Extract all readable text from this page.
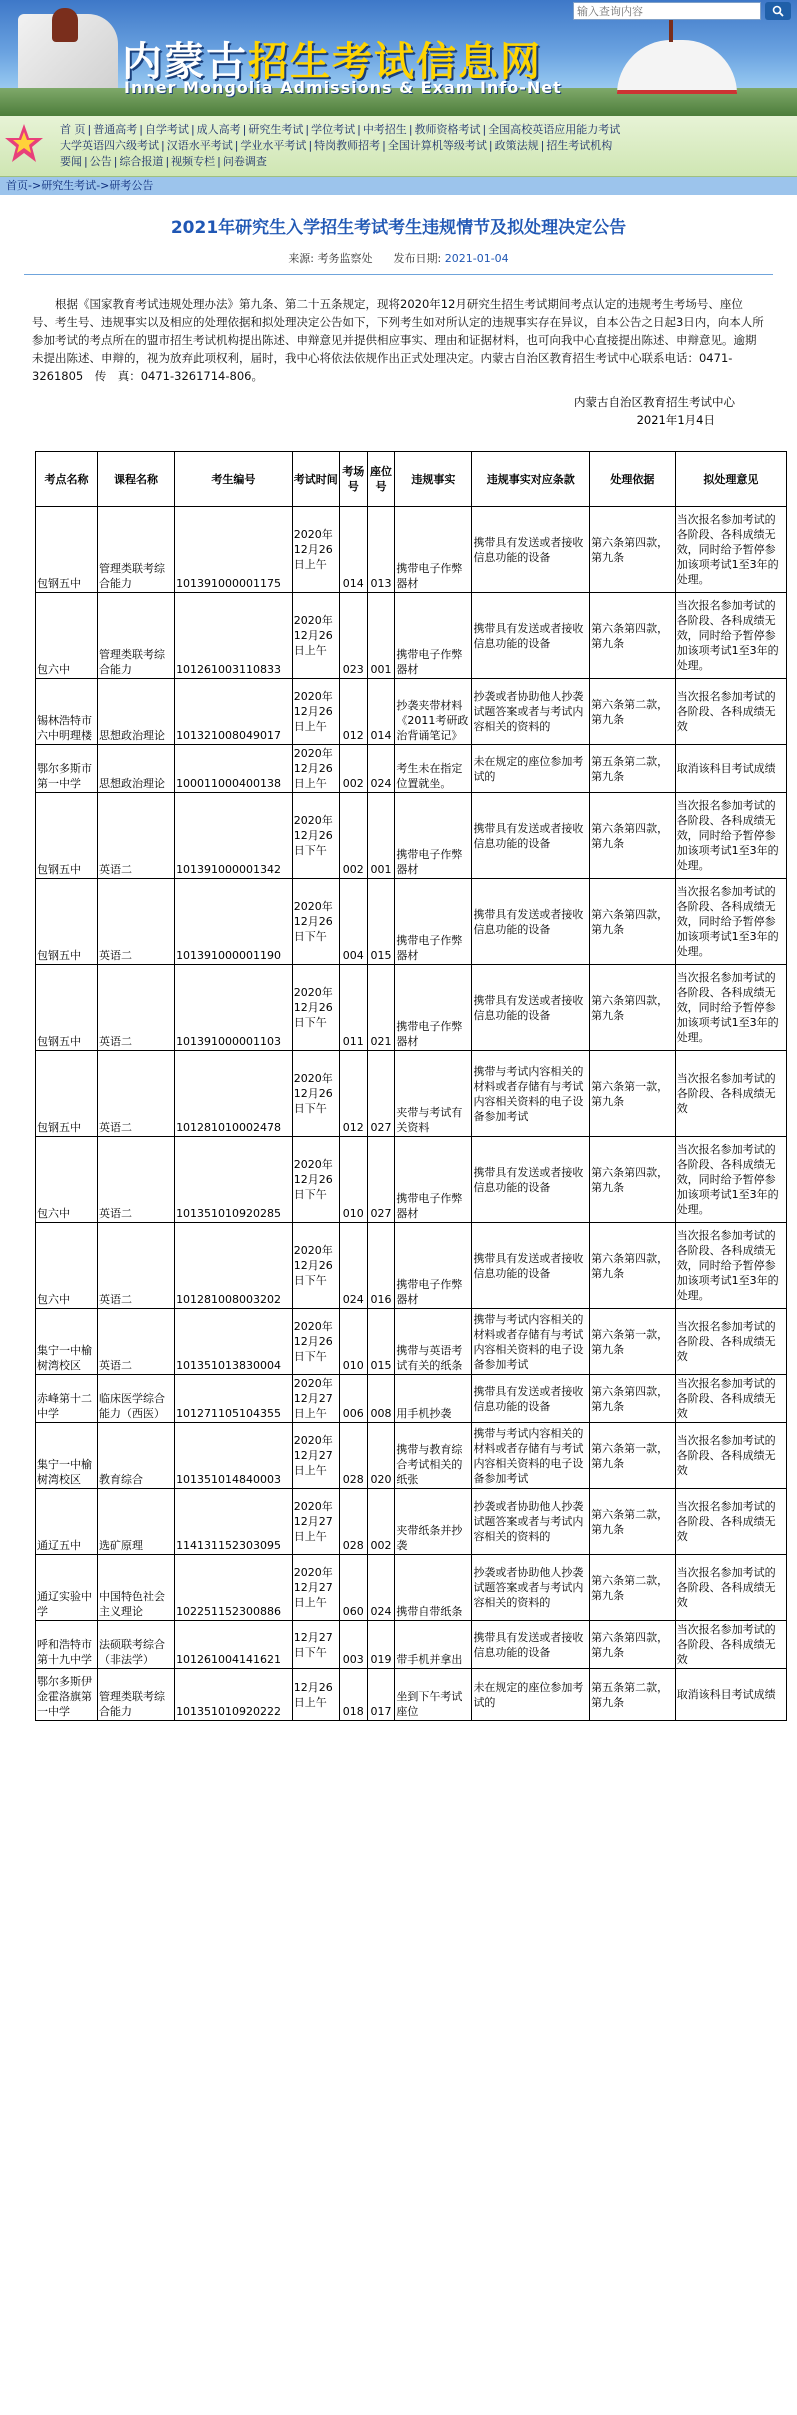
内蒙古招生考试信息网
Inner Mongolia Admissions & Exam Info-Net
输入查询内容
首 页 | 普通高考 | 自学考试 | 成人高考 | 研究生考试 | 学位考试 | 中考招生 | 教师资格考试 | 全国高校英语应用能力考试
大学英语四六级考试 | 汉语水平考试 | 学业水平考试 | 特岗教师招考 | 全国计算机等级考试 | 政策法规 | 招生考试机构
要闻 | 公告 | 综合报道 | 视频专栏 | 问卷调查
首页->研究生考试->研考公告
2021年研究生入学招生考试考生违规情节及拟处理决定公告
来源: 考务监察处 发布日期: 2021-01-04
根据《国家教育考试违规处理办法》第九条、第二十五条规定，现将2020年12月研究生招生考试期间考点认定的违规考生考场号、座位号、考生号、违规事实以及相应的处理依据和拟处理决定公告如下，下列考生如对所认定的违规事实存在异议，自本公告之日起3日内，向本人所参加考试的考点所在的盟市招生考试机构提出陈述、申辩意见并提供相应事实、理由和证据材料，也可向我中心直接提出陈述、申辩意见。逾期未提出陈述、申辩的，视为放弃此项权利，届时，我中心将依法依规作出正式处理决定。内蒙古自治区教育招生考试中心联系电话：0471-3261805　传　真：0471-3261714-806。
内蒙古自治区教育招生考试中心
2021年1月4日
考点名称	课程名称	考生编号	考试时间	考场号	座位号	违规事实	违规事实对应条款	处理依据	拟处理意见
包钢五中	管理类联考综合能力	101391000001175	2020年12月26日上午	014	013	携带电子作弊器材	携带具有发送或者接收信息功能的设备	第六条第四款，第九条	当次报名参加考试的各阶段、各科成绩无效，同时给予暂停参加该项考试1至3年的处理。
包六中	管理类联考综合能力	101261003110833	2020年12月26日上午	023	001	携带电子作弊器材	携带具有发送或者接收信息功能的设备	第六条第四款，第九条	当次报名参加考试的各阶段、各科成绩无效，同时给予暂停参加该项考试1至3年的处理。
锡林浩特市六中明理楼	思想政治理论	101321008049017	2020年12月26日上午	012	014	抄袭夹带材料《2011考研政治背诵笔记》	抄袭或者协助他人抄袭试题答案或者与考试内容相关的资料的	第六条第二款，第九条	当次报名参加考试的各阶段、各科成绩无效
鄂尔多斯市第一中学	思想政治理论	100011000400138	2020年12月26日上午	002	024	考生未在指定位置就坐。	未在规定的座位参加考试的	第五条第二款，第九条	取消该科目考试成绩
包钢五中	英语二	101391000001342	2020年12月26日下午	002	001	携带电子作弊器材	携带具有发送或者接收信息功能的设备	第六条第四款，第九条	当次报名参加考试的各阶段、各科成绩无效，同时给予暂停参加该项考试1至3年的处理。
包钢五中	英语二	101391000001190	2020年12月26日下午	004	015	携带电子作弊器材	携带具有发送或者接收信息功能的设备	第六条第四款，第九条	当次报名参加考试的各阶段、各科成绩无效，同时给予暂停参加该项考试1至3年的处理。
包钢五中	英语二	101391000001103	2020年12月26日下午	011	021	携带电子作弊器材	携带具有发送或者接收信息功能的设备	第六条第四款，第九条	当次报名参加考试的各阶段、各科成绩无效，同时给予暂停参加该项考试1至3年的处理。
包钢五中	英语二	101281010002478	2020年12月26日下午	012	027	夹带与考试有关资料	携带与考试内容相关的材料或者存储有与考试内容相关资料的电子设备参加考试	第六条第一款，第九条	当次报名参加考试的各阶段、各科成绩无效
包六中	英语二	101351010920285	2020年12月26日下午	010	027	携带电子作弊器材	携带具有发送或者接收信息功能的设备	第六条第四款，第九条	当次报名参加考试的各阶段、各科成绩无效，同时给予暂停参加该项考试1至3年的处理。
包六中	英语二	101281008003202	2020年12月26日下午	024	016	携带电子作弊器材	携带具有发送或者接收信息功能的设备	第六条第四款，第九条	当次报名参加考试的各阶段、各科成绩无效，同时给予暂停参加该项考试1至3年的处理。
集宁一中榆树湾校区	英语二	101351013830004	2020年12月26日下午	010	015	携带与英语考试有关的纸条	携带与考试内容相关的材料或者存储有与考试内容相关资料的电子设备参加考试	第六条第一款，第九条	当次报名参加考试的各阶段、各科成绩无效
赤峰第十二中学	临床医学综合能力（西医）	101271105104355	2020年12月27日上午	006	008	用手机抄袭	携带具有发送或者接收信息功能的设备	第六条第四款，第九条	当次报名参加考试的各阶段、各科成绩无效
集宁一中榆树湾校区	教育综合	101351014840003	2020年12月27日上午	028	020	携带与教育综合考试相关的纸张	携带与考试内容相关的材料或者存储有与考试内容相关资料的电子设备参加考试	第六条第一款，第九条	当次报名参加考试的各阶段、各科成绩无效
通辽五中	选矿原理	114131152303095	2020年12月27日上午	028	002	夹带纸条并抄袭	抄袭或者协助他人抄袭试题答案或者与考试内容相关的资料的	第六条第二款，第九条	当次报名参加考试的各阶段、各科成绩无效
通辽实验中学	中国特色社会主义理论	102251152300886	2020年12月27日上午	060	024	携带自带纸条	抄袭或者协助他人抄袭试题答案或者与考试内容相关的资料的	第六条第二款，第九条	当次报名参加考试的各阶段、各科成绩无效
呼和浩特市第十九中学	法硕联考综合（非法学）	101261004141621	12月27日下午	003	019	带手机并拿出	携带具有发送或者接收信息功能的设备	第六条第四款，第九条	当次报名参加考试的各阶段、各科成绩无效
鄂尔多斯伊金霍洛旗第一中学	管理类联考综合能力	101351010920222	12月26日上午	018	017	坐到下午考试座位	未在规定的座位参加考试的	第五条第二款，第九条	取消该科目考试成绩
